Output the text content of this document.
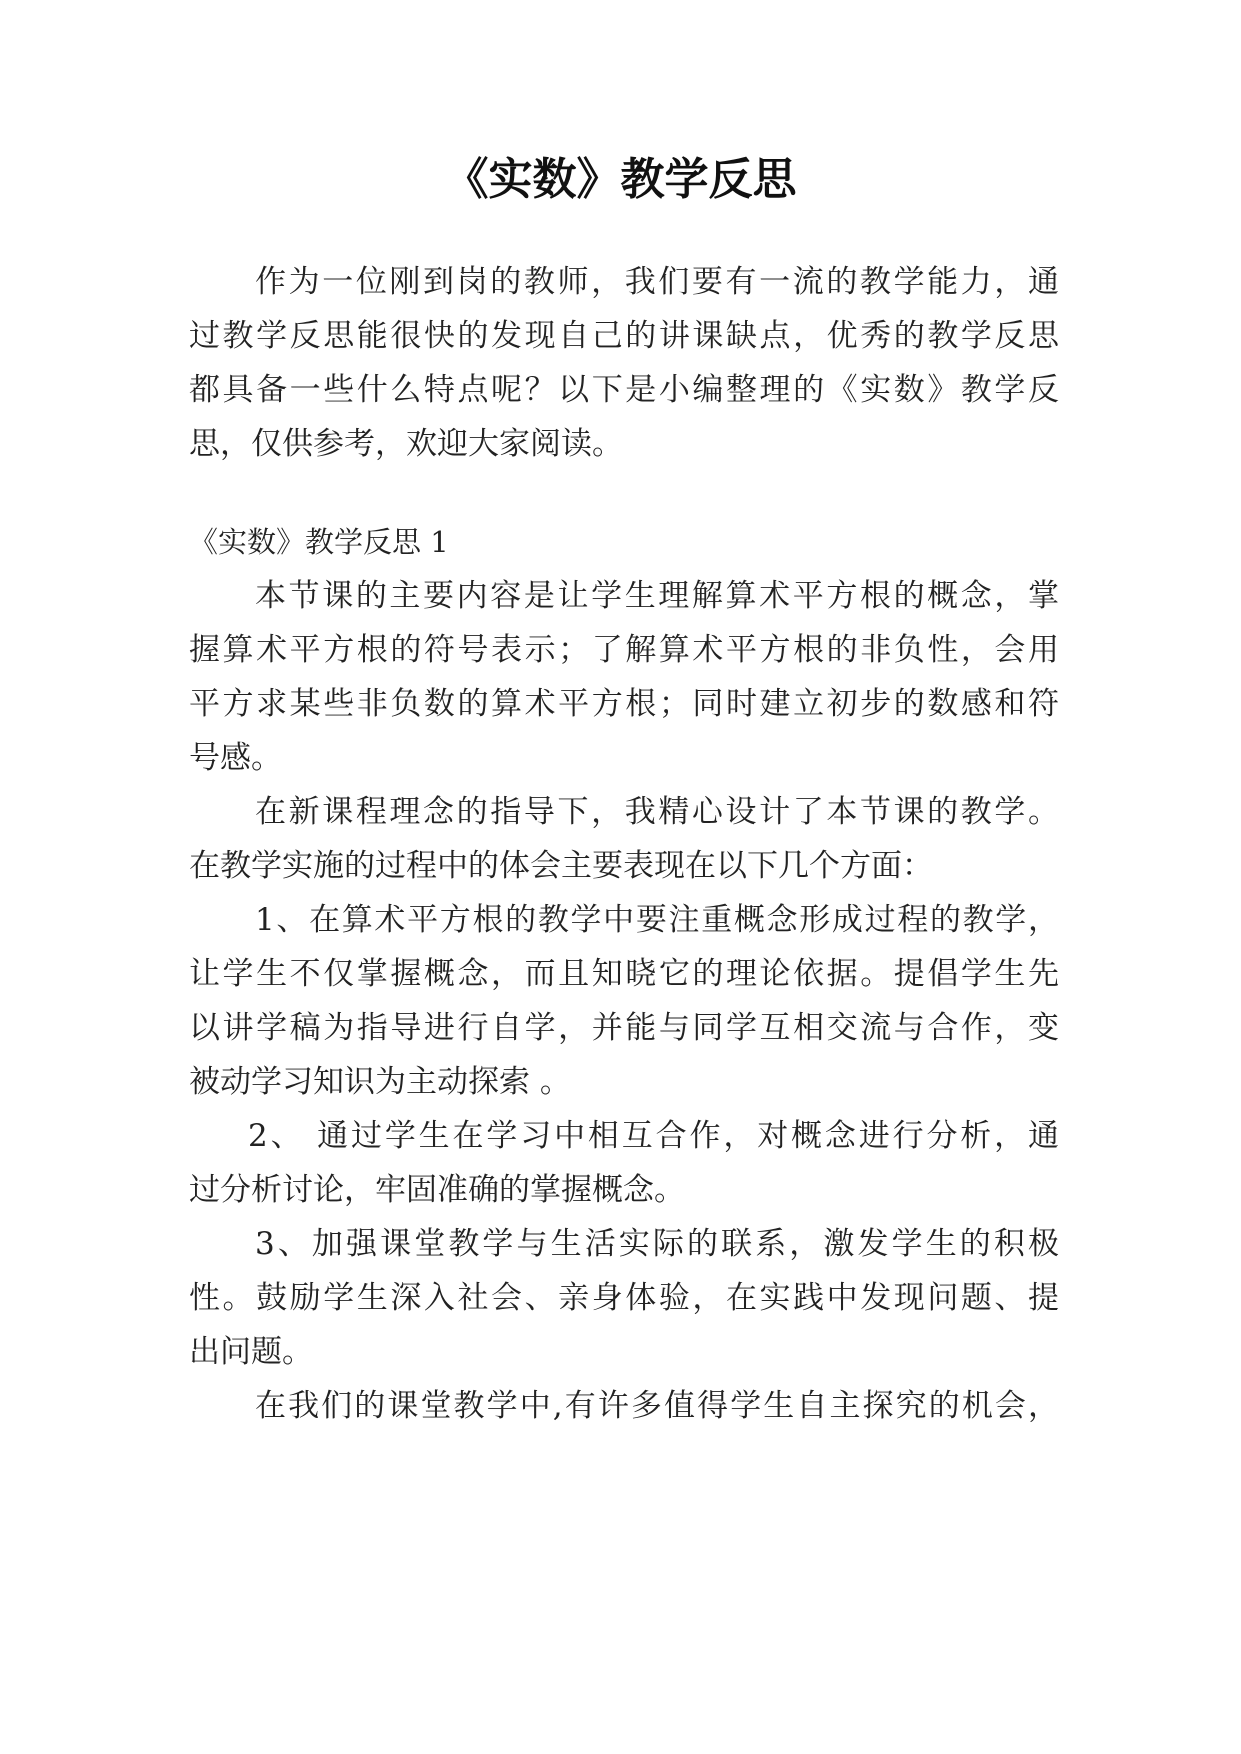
《实数》教学反思
作为一位刚到岗的教师，我们要有一流的教学能力，通
过教学反思能很快的发现自己的讲课缺点，优秀的教学反思
都具备一些什么特点呢？以下是小编整理的《实数》教学反
思，仅供参考，欢迎大家阅读。
《实数》教学反思 1
本节课的主要内容是让学生理解算术平方根的概念，掌
握算术平方根的符号表示；了解算术平方根的非负性，会用
平方求某些非负数的算术平方根；同时建立初步的数感和符
号感。
在新课程理念的指导下，我精心设计了本节课的教学。
在教学实施的过程中的体会主要表现在以下几个方面：
1、在算术平方根的教学中要注重概念形成过程的教学，
让学生不仅掌握概念，而且知晓它的理论依据。提倡学生先
以讲学稿为指导进行自学，并能与同学互相交流与合作，变
被动学习知识为主动探索 。
2、 通过学生在学习中相互合作，对概念进行分析，通
过分析讨论，牢固准确的掌握概念。
3、加强课堂教学与生活实际的联系，激发学生的积极
性。鼓励学生深入社会、亲身体验，在实践中发现问题、提
出问题。
在我们的课堂教学中,有许多值得学生自主探究的机会，
